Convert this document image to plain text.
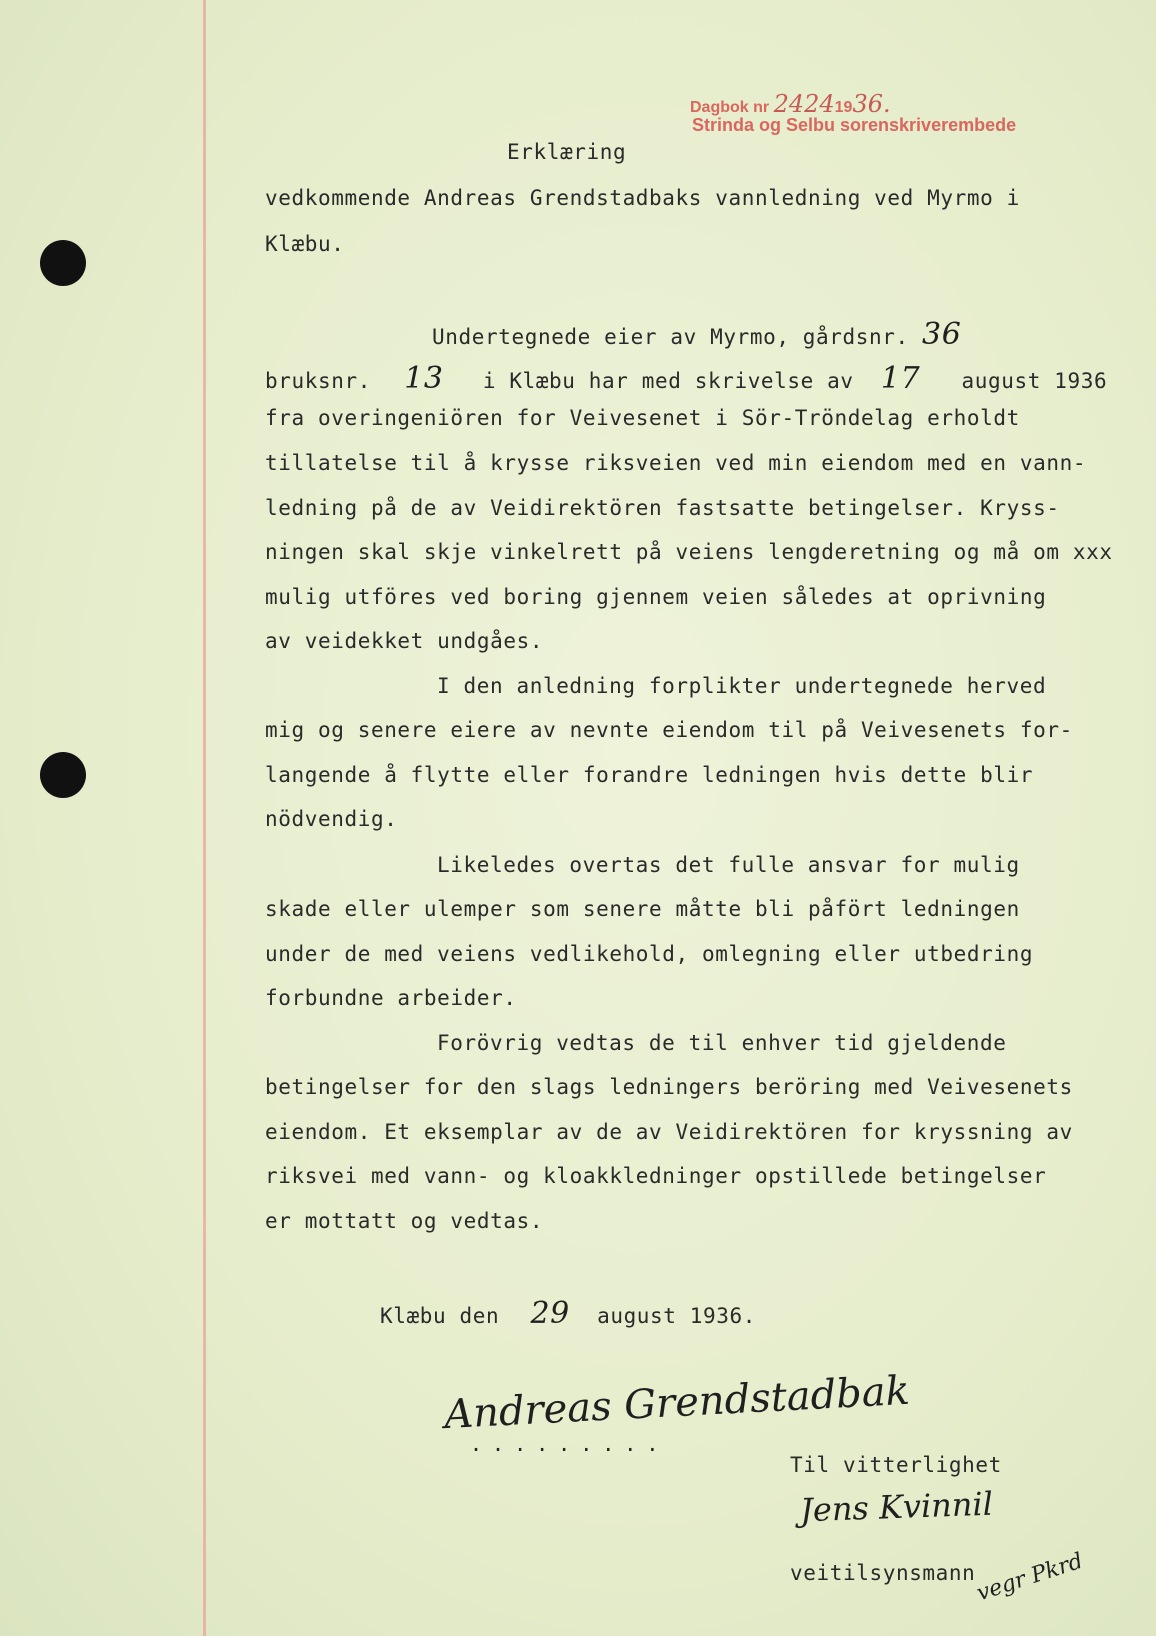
Dagbok nr 24241936.
Strinda og Selbu sorenskriverembede
Erklæring
vedkommende Andreas Grendstadbaks vannledning ved Myrmo i
Klæbu.
Undertegnede eier av Myrmo, gårdsnr. 36
bruksnr. 13 i Klæbu har med skrivelse av 17 august 1936
fra overingeniören for Veivesenet i Sör-Tröndelag erholdt
tillatelse til å krysse riksveien ved min eiendom med en vann-
ledning på de av Veidirektören fastsatte betingelser. Kryss-
ningen skal skje vinkelrett på veiens lengderetning og må om xxx
mulig utföres ved boring gjennem veien således at oprivning
av veidekket undgåes.
I den anledning forplikter undertegnede herved
mig og senere eiere av nevnte eiendom til på Veivesenets for-
langende å flytte eller forandre ledningen hvis dette blir
nödvendig.
Likeledes overtas det fulle ansvar for mulig
skade eller ulemper som senere måtte bli påfört ledningen
under de med veiens vedlikehold, omlegning eller utbedring
forbundne arbeider.
Forövrig vedtas de til enhver tid gjeldende
betingelser for den slags ledningers beröring med Veivesenets
eiendom. Et eksemplar av de av Veidirektören for kryssning av
riksvei med vann- og kloakkledninger opstillede betingelser
er mottatt og vedtas.
Klæbu den 29 august 1936.
Andreas Grendstadbak
.........
Til vitterlighet
Jens Kvinnil
veitilsynsmann
vegr Pkrd
